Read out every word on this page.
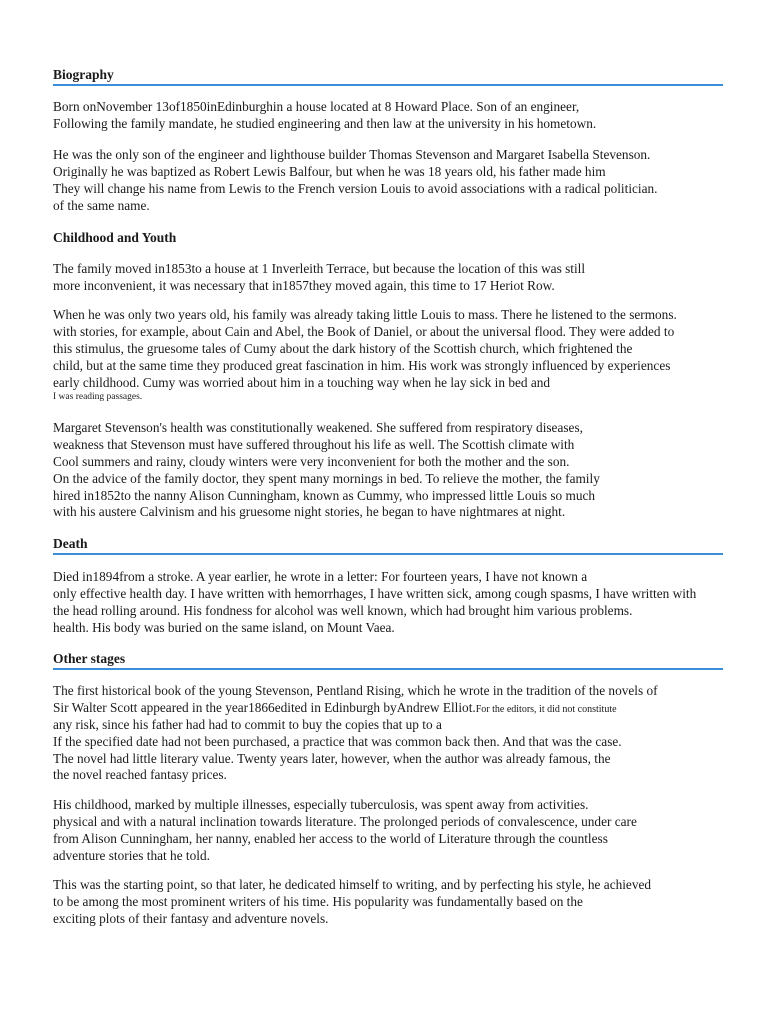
Biography

Born onNovember 13of1850inEdinburghin a house located at 8 Howard Place. Son of an engineer,
Following the family mandate, he studied engineering and then law at the university in his hometown.

He was the only son of the engineer and lighthouse builder Thomas Stevenson and Margaret Isabella Stevenson.
Originally he was baptized as Robert Lewis Balfour, but when he was 18 years old, his father made him
They will change his name from Lewis to the French version Louis to avoid associations with a radical politician.
of the same name.

Childhood and Youth

The family moved in1853to a house at 1 Inverleith Terrace, but because the location of this was still
more inconvenient, it was necessary that in1857they moved again, this time to 17 Heriot Row.

When he was only two years old, his family was already taking little Louis to mass. There he listened to the sermons.
with stories, for example, about Cain and Abel, the Book of Daniel, or about the universal flood. They were added to
this stimulus, the gruesome tales of Cumy about the dark history of the Scottish church, which frightened the
child, but at the same time they produced great fascination in him. His work was strongly influenced by experiences
early childhood. Cumy was worried about him in a touching way when he lay sick in bed and
I was reading passages.

Margaret Stevenson's health was constitutionally weakened. She suffered from respiratory diseases,
weakness that Stevenson must have suffered throughout his life as well. The Scottish climate with
Cool summers and rainy, cloudy winters were very inconvenient for both the mother and the son.
On the advice of the family doctor, they spent many mornings in bed. To relieve the mother, the family
hired in1852to the nanny Alison Cunningham, known as Cummy, who impressed little Louis so much
with his austere Calvinism and his gruesome night stories, he began to have nightmares at night.

Death

Died in1894from a stroke. A year earlier, he wrote in a letter: For fourteen years, I have not known a
only effective health day. I have written with hemorrhages, I have written sick, among cough spasms, I have written with
the head rolling around. His fondness for alcohol was well known, which had brought him various problems.
health. His body was buried on the same island, on Mount Vaea.

Other stages

The first historical book of the young Stevenson, Pentland Rising, which he wrote in the tradition of the novels of
Sir Walter Scott appeared in the year1866edited in Edinburgh byAndrew Elliot.For the editors, it did not constitute
any risk, since his father had had to commit to buy the copies that up to a
If the specified date had not been purchased, a practice that was common back then. And that was the case.
The novel had little literary value. Twenty years later, however, when the author was already famous, the
the novel reached fantasy prices.

His childhood, marked by multiple illnesses, especially tuberculosis, was spent away from activities.
physical and with a natural inclination towards literature. The prolonged periods of convalescence, under care
from Alison Cunningham, her nanny, enabled her access to the world of Literature through the countless
adventure stories that he told.

This was the starting point, so that later, he dedicated himself to writing, and by perfecting his style, he achieved
to be among the most prominent writers of his time. His popularity was fundamentally based on the
exciting plots of their fantasy and adventure novels.
